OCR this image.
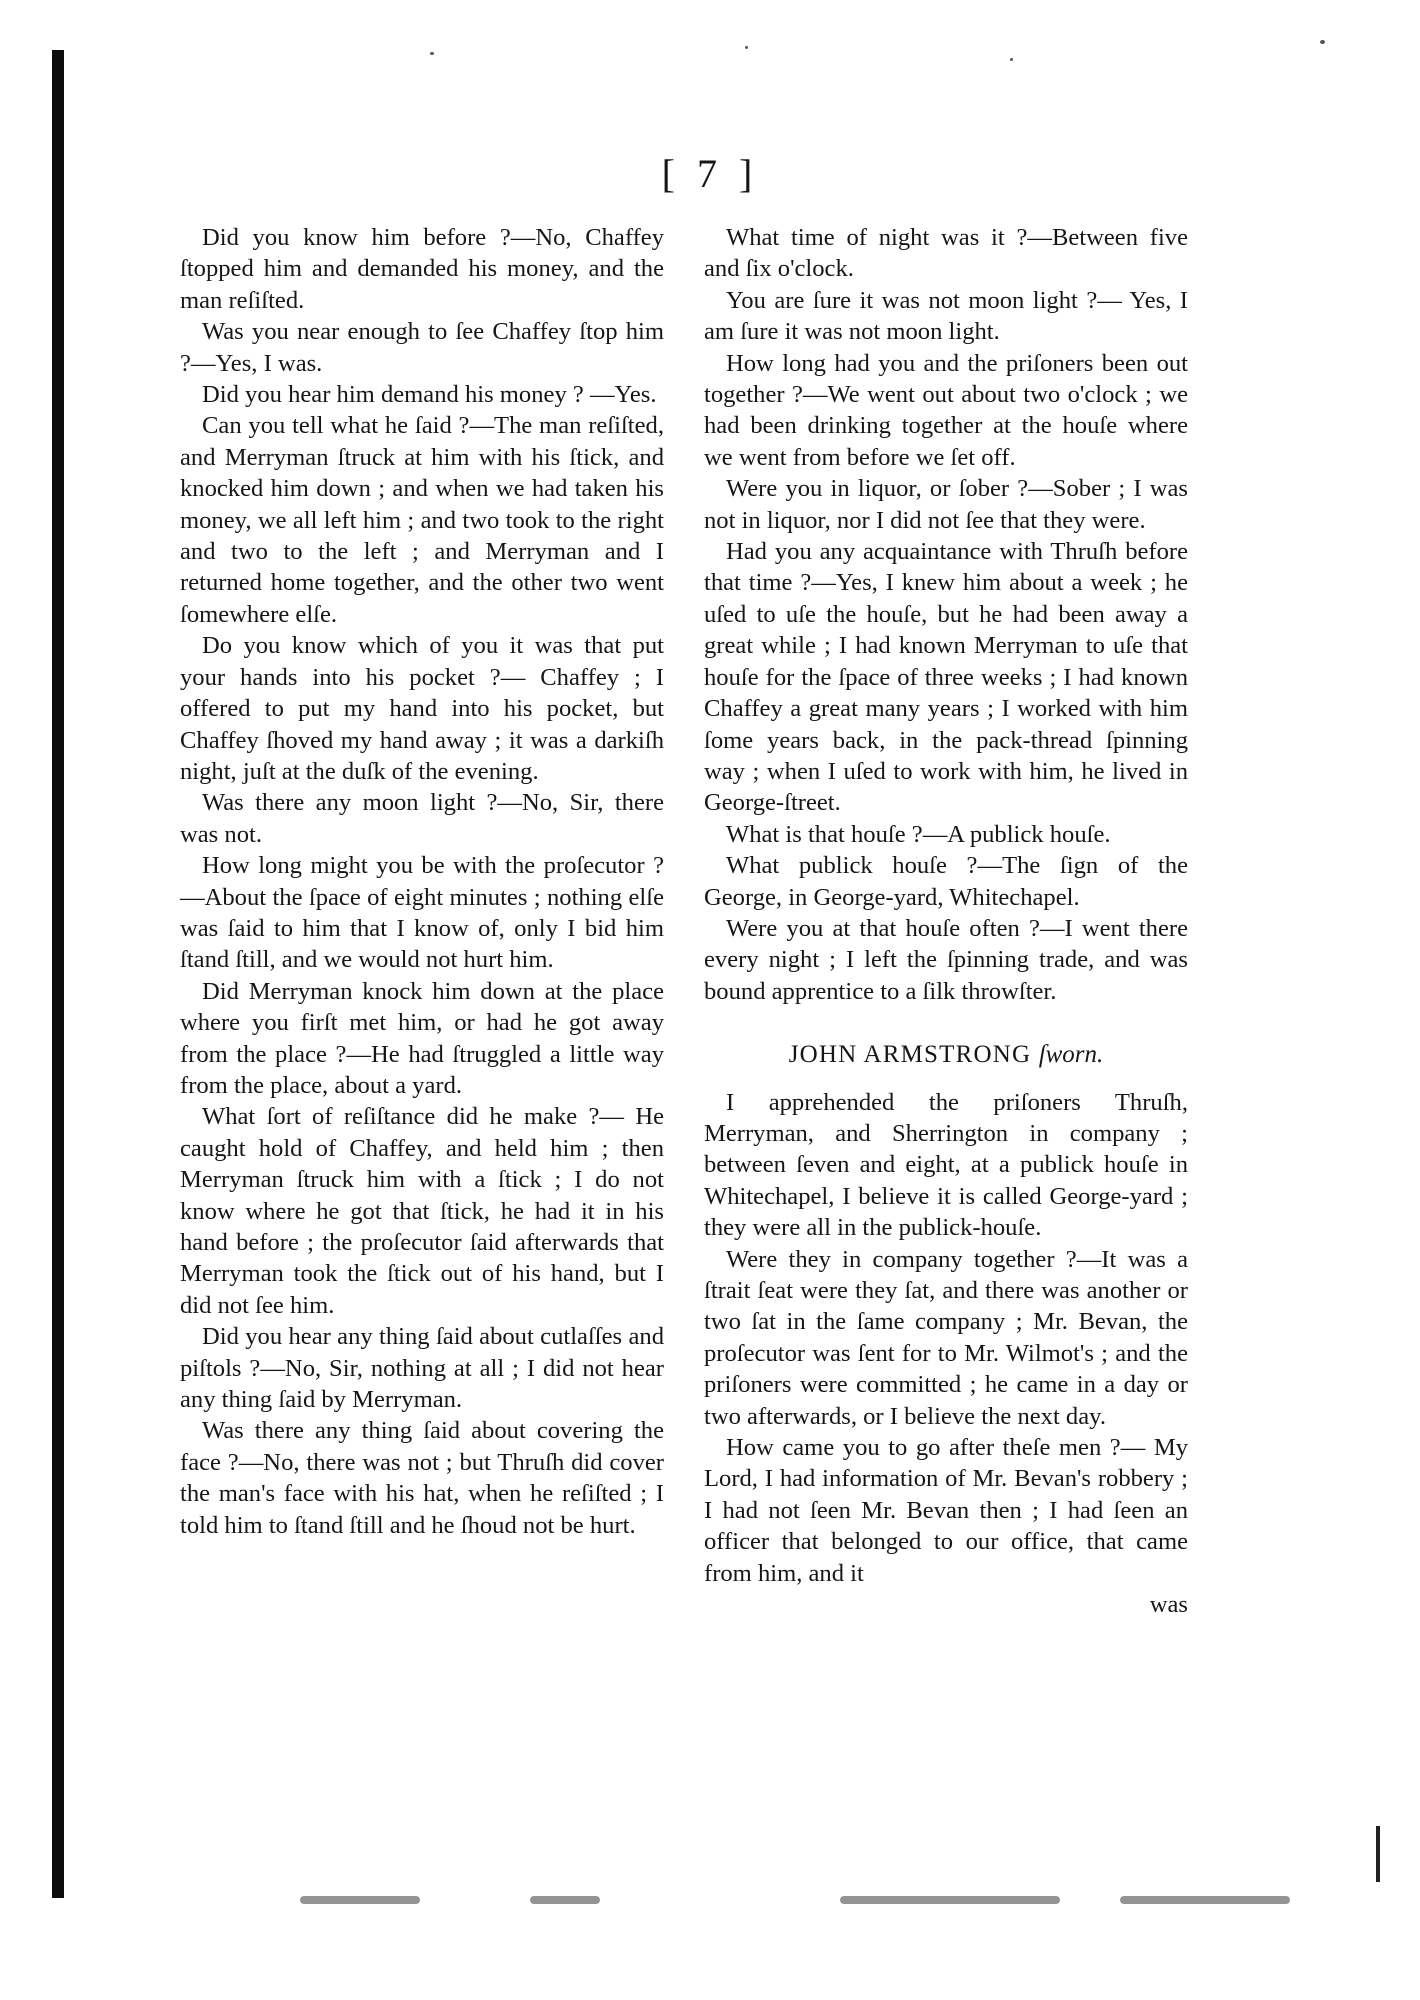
[ 7 ]

Did you know him before ?—No, Chaffey ſtopped him and demanded his money, and the man reſiſted.

Was you near enough to ſee Chaffey ſtop him ?—Yes, I was.

Did you hear him demand his money ? —Yes.

Can you tell what he ſaid ?—The man reſiſted, and Merryman ſtruck at him with his ſtick, and knocked him down ; and when we had taken his money, we all left him ; and two took to the right and two to the left ; and Merryman and I returned home together, and the other two went ſomewhere elſe.

Do you know which of you it was that put your hands into his pocket ?— Chaffey ; I offered to put my hand into his pocket, but Chaffey ſhoved my hand away ; it was a darkiſh night, juſt at the duſk of the evening.

Was there any moon light ?—No, Sir, there was not.

How long might you be with the proſecutor ?—About the ſpace of eight minutes ; nothing elſe was ſaid to him that I know of, only I bid him ſtand ſtill, and we would not hurt him.

Did Merryman knock him down at the place where you firſt met him, or had he got away from the place ?—He had ſtruggled a little way from the place, about a yard.

What ſort of reſiſtance did he make ?— He caught hold of Chaffey, and held him ; then Merryman ſtruck him with a ſtick ; I do not know where he got that ſtick, he had it in his hand before ; the proſecutor ſaid afterwards that Merryman took the ſtick out of his hand, but I did not ſee him.

Did you hear any thing ſaid about cutlaſſes and piſtols ?—No, Sir, nothing at all ; I did not hear any thing ſaid by Merryman.

Was there any thing ſaid about covering the face ?—No, there was not ; but Thruſh did cover the man's face with his hat, when he reſiſted ; I told him to ſtand ſtill and he ſhoud not be hurt.

What time of night was it ?—Between five and ſix o'clock.

You are ſure it was not moon light ?— Yes, I am ſure it was not moon light.

How long had you and the priſoners been out together ?—We went out about two o'clock ; we had been drinking together at the houſe where we went from before we ſet off.

Were you in liquor, or ſober ?—Sober ; I was not in liquor, nor I did not ſee that they were.

Had you any acquaintance with Thruſh before that time ?—Yes, I knew him about a week ; he uſed to uſe the houſe, but he had been away a great while ; I had known Merryman to uſe that houſe for the ſpace of three weeks ; I had known Chaffey a great many years ; I worked with him ſome years back, in the pack-thread ſpinning way ; when I uſed to work with him, he lived in George-ſtreet.

What is that houſe ?—A publick houſe.

What publick houſe ?—The ſign of the George, in George-yard, Whitechapel.

Were you at that houſe often ?—I went there every night ; I left the ſpinning trade, and was bound apprentice to a ſilk throwſter.

JOHN ARMSTRONG ſworn.

I apprehended the priſoners Thruſh, Merryman, and Sherrington in company ; between ſeven and eight, at a publick houſe in Whitechapel, I believe it is called George-yard ; they were all in the publick-houſe.

Were they in company together ?—It was a ſtrait ſeat were they ſat, and there was another or two ſat in the ſame company ; Mr. Bevan, the proſecutor was ſent for to Mr. Wilmot's ; and the priſoners were committed ; he came in a day or two afterwards, or I believe the next day.

How came you to go after theſe men ?— My Lord, I had information of Mr. Bevan's robbery ; I had not ſeen Mr. Bevan then ; I had ſeen an officer that belonged to our office, that came from him, and it

was
